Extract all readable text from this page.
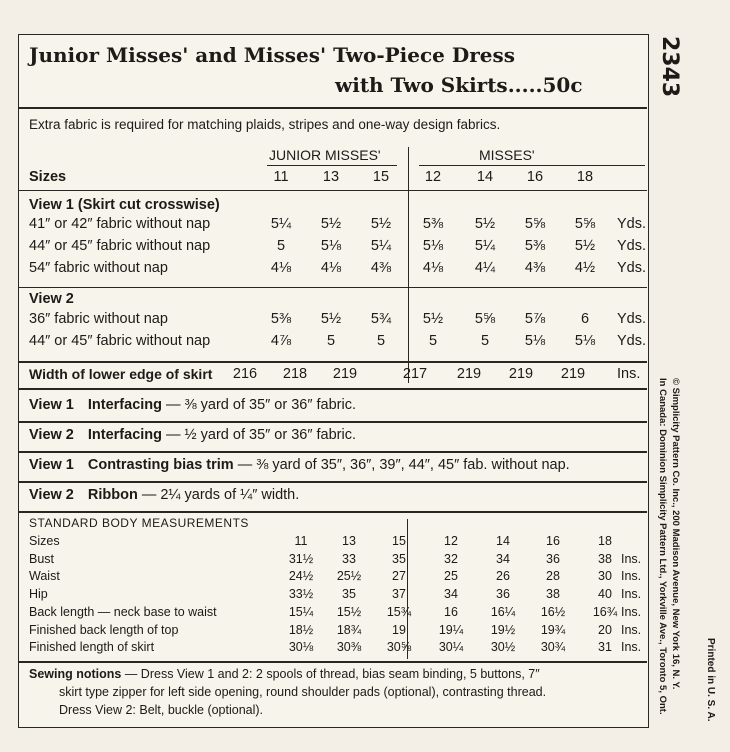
Junior Misses' and Misses' Two-Piece Dress
with Two Skirts.....50c
Extra fabric is required for matching plaids, stripes and one-way design fabrics.
JUNIOR MISSES'	MISSES'
Sizes	11 13 15 12 14 16 18
View 1 (Skirt cut crosswise)
41″ or 42″ fabric without nap	5¼ 5½ 5½ 5⅜ 5½ 5⅝ 5⅝ Yds.
44″ or 45″ fabric without nap	5 5⅛ 5¼ 5⅛ 5¼ 5⅜ 5½ Yds.
54″ fabric without nap	4⅛ 4⅛ 4⅜ 4⅛ 4¼ 4⅜ 4½ Yds.
36″ fabric without nap	5⅜ 5½ 5¾ 5½ 5⅝ 5⅞ 6 Yds.
44″ or 45″ fabric without nap	4⅞ 5	5	5	5 5⅛ 5⅛ Yds.
View 2
Width of lower edge of skirt 216 218 219	217 219 219 219 Ins.
View 1 Interfacing — ⅜ yard of 35″ or 36″ fabric.
View 2 Interfacing — ½ yard of 35″ or 36″ fabric.
View 1 Contrasting bias trim — ⅜ yard of 35″, 36″, 39″, 44″, 45″ fab. without nap.
View 2 Ribbon — 2¼ yards of ¼″ width.
STANDARD BODY MEASUREMENTS
Sizes	11	13	15	12	14	16	18
Bust	31½ 33	35	32	34	36	38 Ins.
Waist	24½ 25½ 27	25	26	28	30 Ins.
Hip	33½ 35	37	34	36	38	40 Ins.
Back length — neck base to waist	15¼ 15½ 15¾	16	16¼ 16½ 16¾ Ins.
Finished back length of top	18½ 18¾ 19	19¼ 19½ 19¾	20 Ins.
Finished length of skirt	30⅛ 30⅜ 30⅝ 30¼ 30½ 30¾	31 Ins.
Sewing notions — Dress View 1 and 2: 2 spools of thread, bias seam binding, 5 buttons, 7″
skirt type zipper for left side opening, round shoulder pads (optional), contrasting thread.
Dress View 2: Belt, buckle (optional).
2343
© Simplicity Pattern Co. Inc., 200 Madison Avenue, New York 16, N. Y.
In Canada: Dominion Simplicity Pattern Ltd., Yorkville Ave., Toronto 5, Ont.	Printed in U. S. A.
